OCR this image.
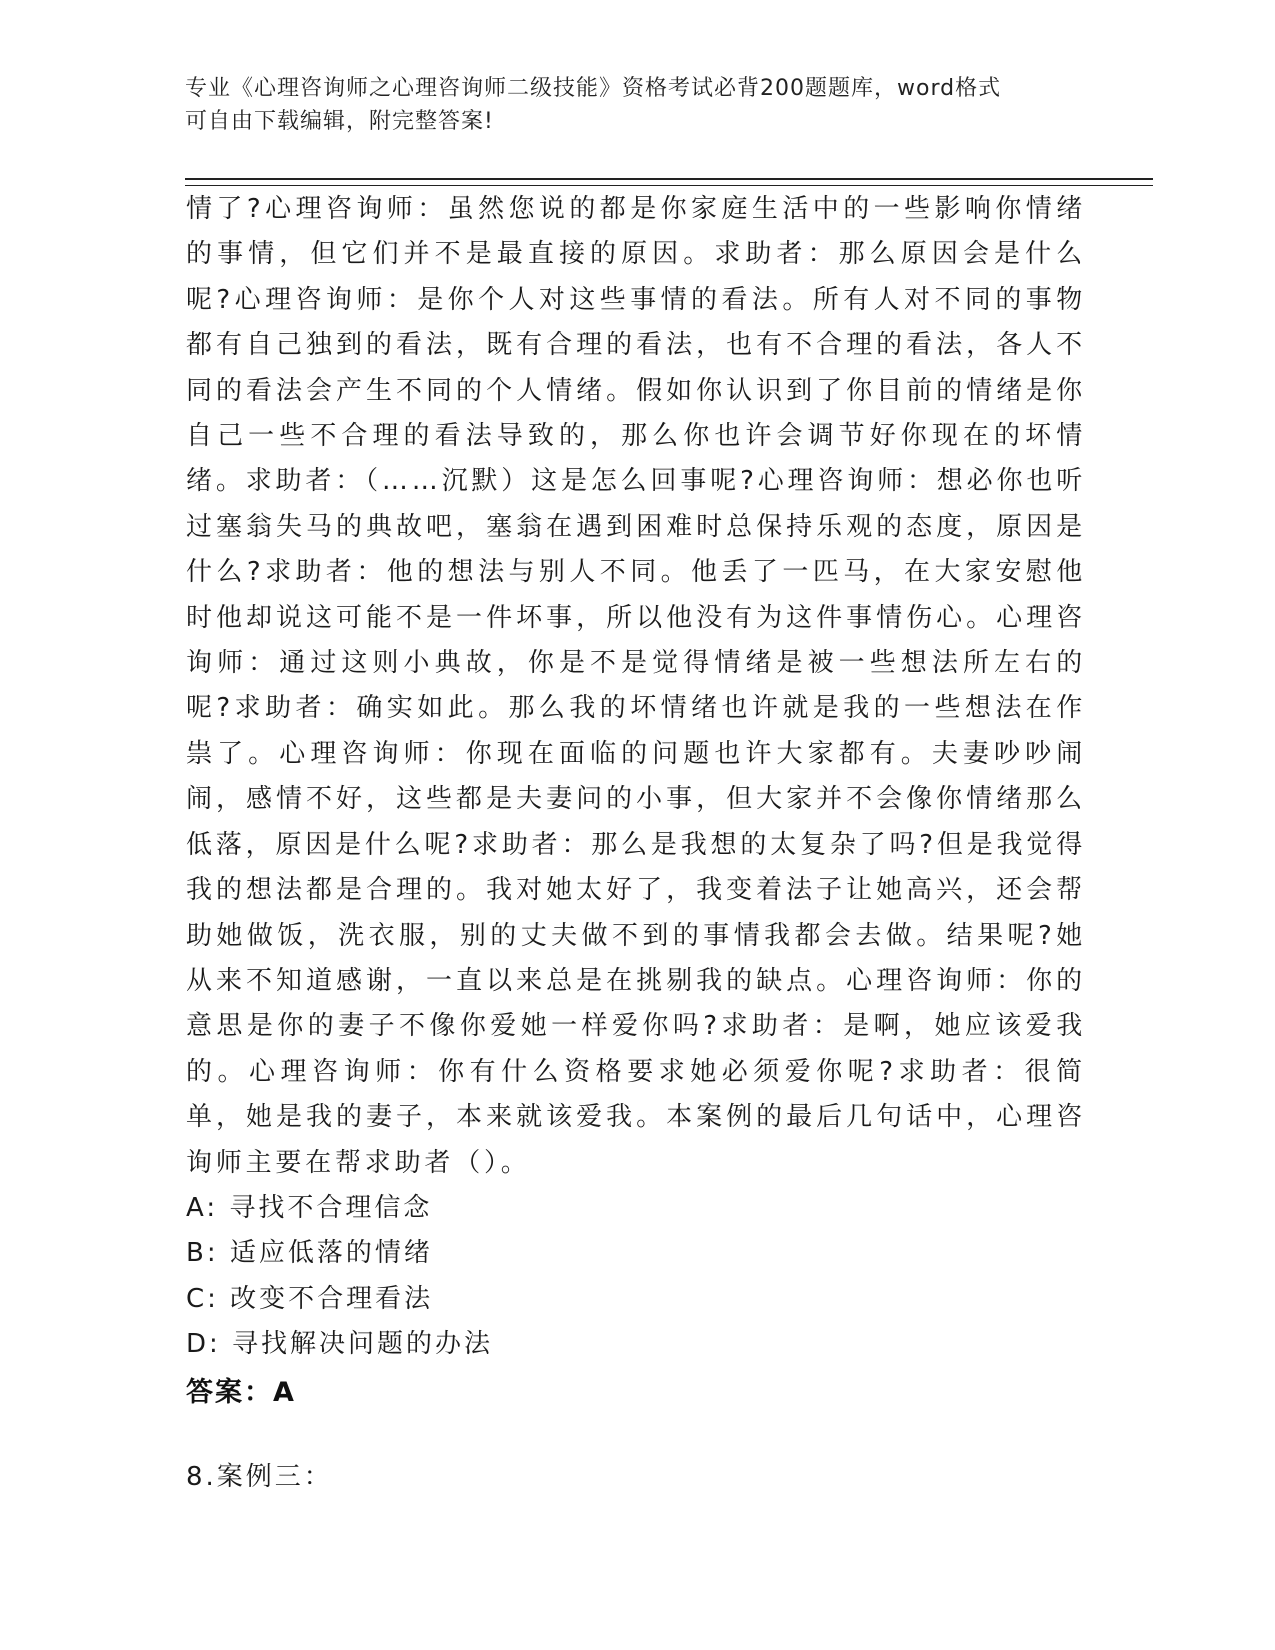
专业《心理咨询师之心理咨询师二级技能》资格考试必背200题题库，word格式
可自由下载编辑，附完整答案!

情了?心理咨询师：虽然您说的都是你家庭生活中的一些影响你情绪的事情，但它们并不是最直接的原因。求助者：那么原因会是什么呢?心理咨询师：是你个人对这些事情的看法。所有人对不同的事物都有自己独到的看法，既有合理的看法，也有不合理的看法，各人不同的看法会产生不同的个人情绪。假如你认识到了你目前的情绪是你自己一些不合理的看法导致的，那么你也许会调节好你现在的坏情绪。求助者：（……沉默）这是怎么回事呢?心理咨询师：想必你也听过塞翁失马的典故吧，塞翁在遇到困难时总保持乐观的态度，原因是什么?求助者：他的想法与别人不同。他丢了一匹马，在大家安慰他时他却说这可能不是一件坏事，所以他没有为这件事情伤心。心理咨询师：通过这则小典故，你是不是觉得情绪是被一些想法所左右的呢?求助者：确实如此。那么我的坏情绪也许就是我的一些想法在作祟了。心理咨询师：你现在面临的问题也许大家都有。夫妻吵吵闹闹，感情不好，这些都是夫妻问的小事，但大家并不会像你情绪那么低落，原因是什么呢?求助者：那么是我想的太复杂了吗?但是我觉得我的想法都是合理的。我对她太好了，我变着法子让她高兴，还会帮助她做饭，洗衣服，别的丈夫做不到的事情我都会去做。结果呢?她从来不知道感谢，一直以来总是在挑剔我的缺点。心理咨询师：你的意思是你的妻子不像你爱她一样爱你吗?求助者：是啊，她应该爱我的。心理咨询师：你有什么资格要求她必须爱你呢?求助者：很简单，她是我的妻子，本来就该爱我。本案例的最后几句话中，心理咨询师主要在帮求助者（）。

A: 寻找不合理信念
B: 适应低落的情绪
C: 改变不合理看法
D: 寻找解决问题的办法
答案：A
8.案例三：
